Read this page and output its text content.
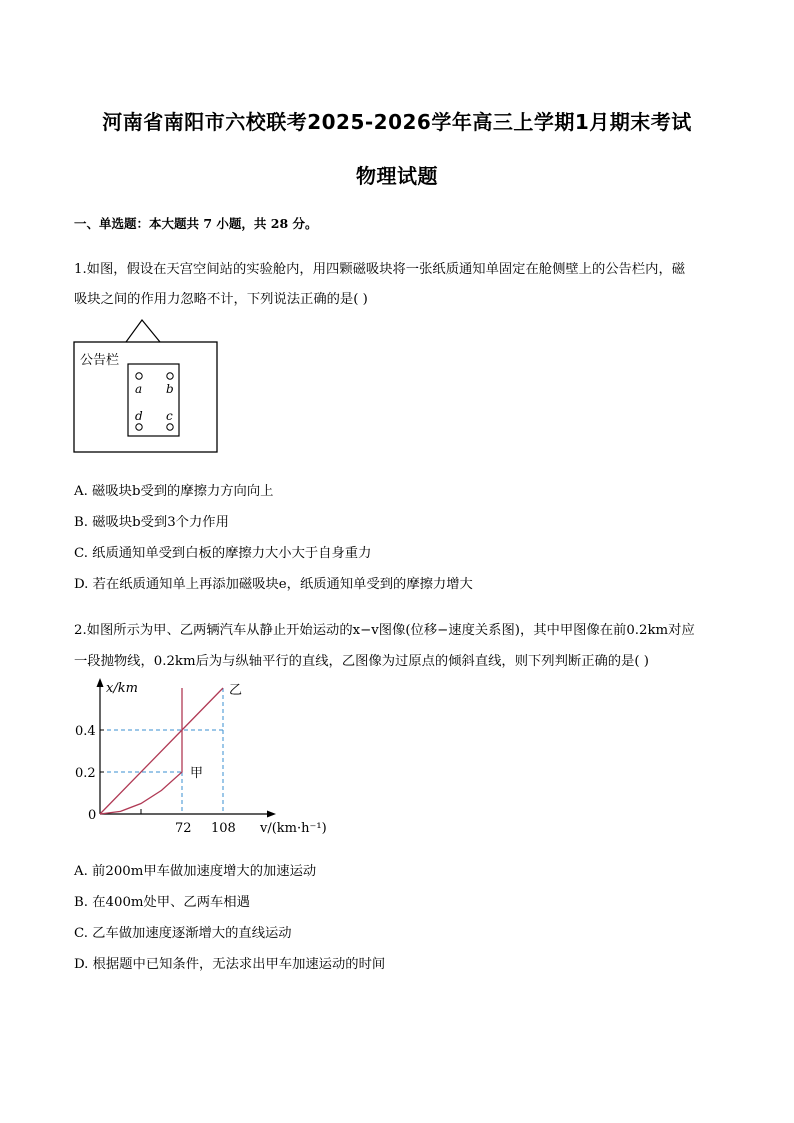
河南省南阳市六校联考2025-2026学年高三上学期1月期末考试
物理试题
一、单选题：本大题共 7 小题，共 28 分。
1.如图，假设在天宫空间站的实验舱内，用四颗磁吸块将一张纸质通知单固定在舱侧壁上的公告栏内，磁
吸块之间的作用力忽略不计，下列说法正确的是( )
公告栏
a b
d c
A. 磁吸块b受到的摩擦力方向向上
B. 磁吸块b受到3个力作用
C. 纸质通知单受到白板的摩擦力大小大于自身重力
D. 若在纸质通知单上再添加磁吸块e，纸质通知单受到的摩擦力增大
2.如图所示为甲、乙两辆汽车从静止开始运动的x−v图像(位移−速度关系图)，其中甲图像在前0.2km对应
一段抛物线，0.2km后为与纵轴平行的直线，乙图像为过原点的倾斜直线，则下列判断正确的是( )
甲
乙
72 108
0.2
0.4
0
x/km
v/(km·h⁻¹)
A. 前200m甲车做加速度增大的加速运动
B. 在400m处甲、乙两车相遇
C. 乙车做加速度逐渐增大的直线运动
D. 根据题中已知条件，无法求出甲车加速运动的时间
